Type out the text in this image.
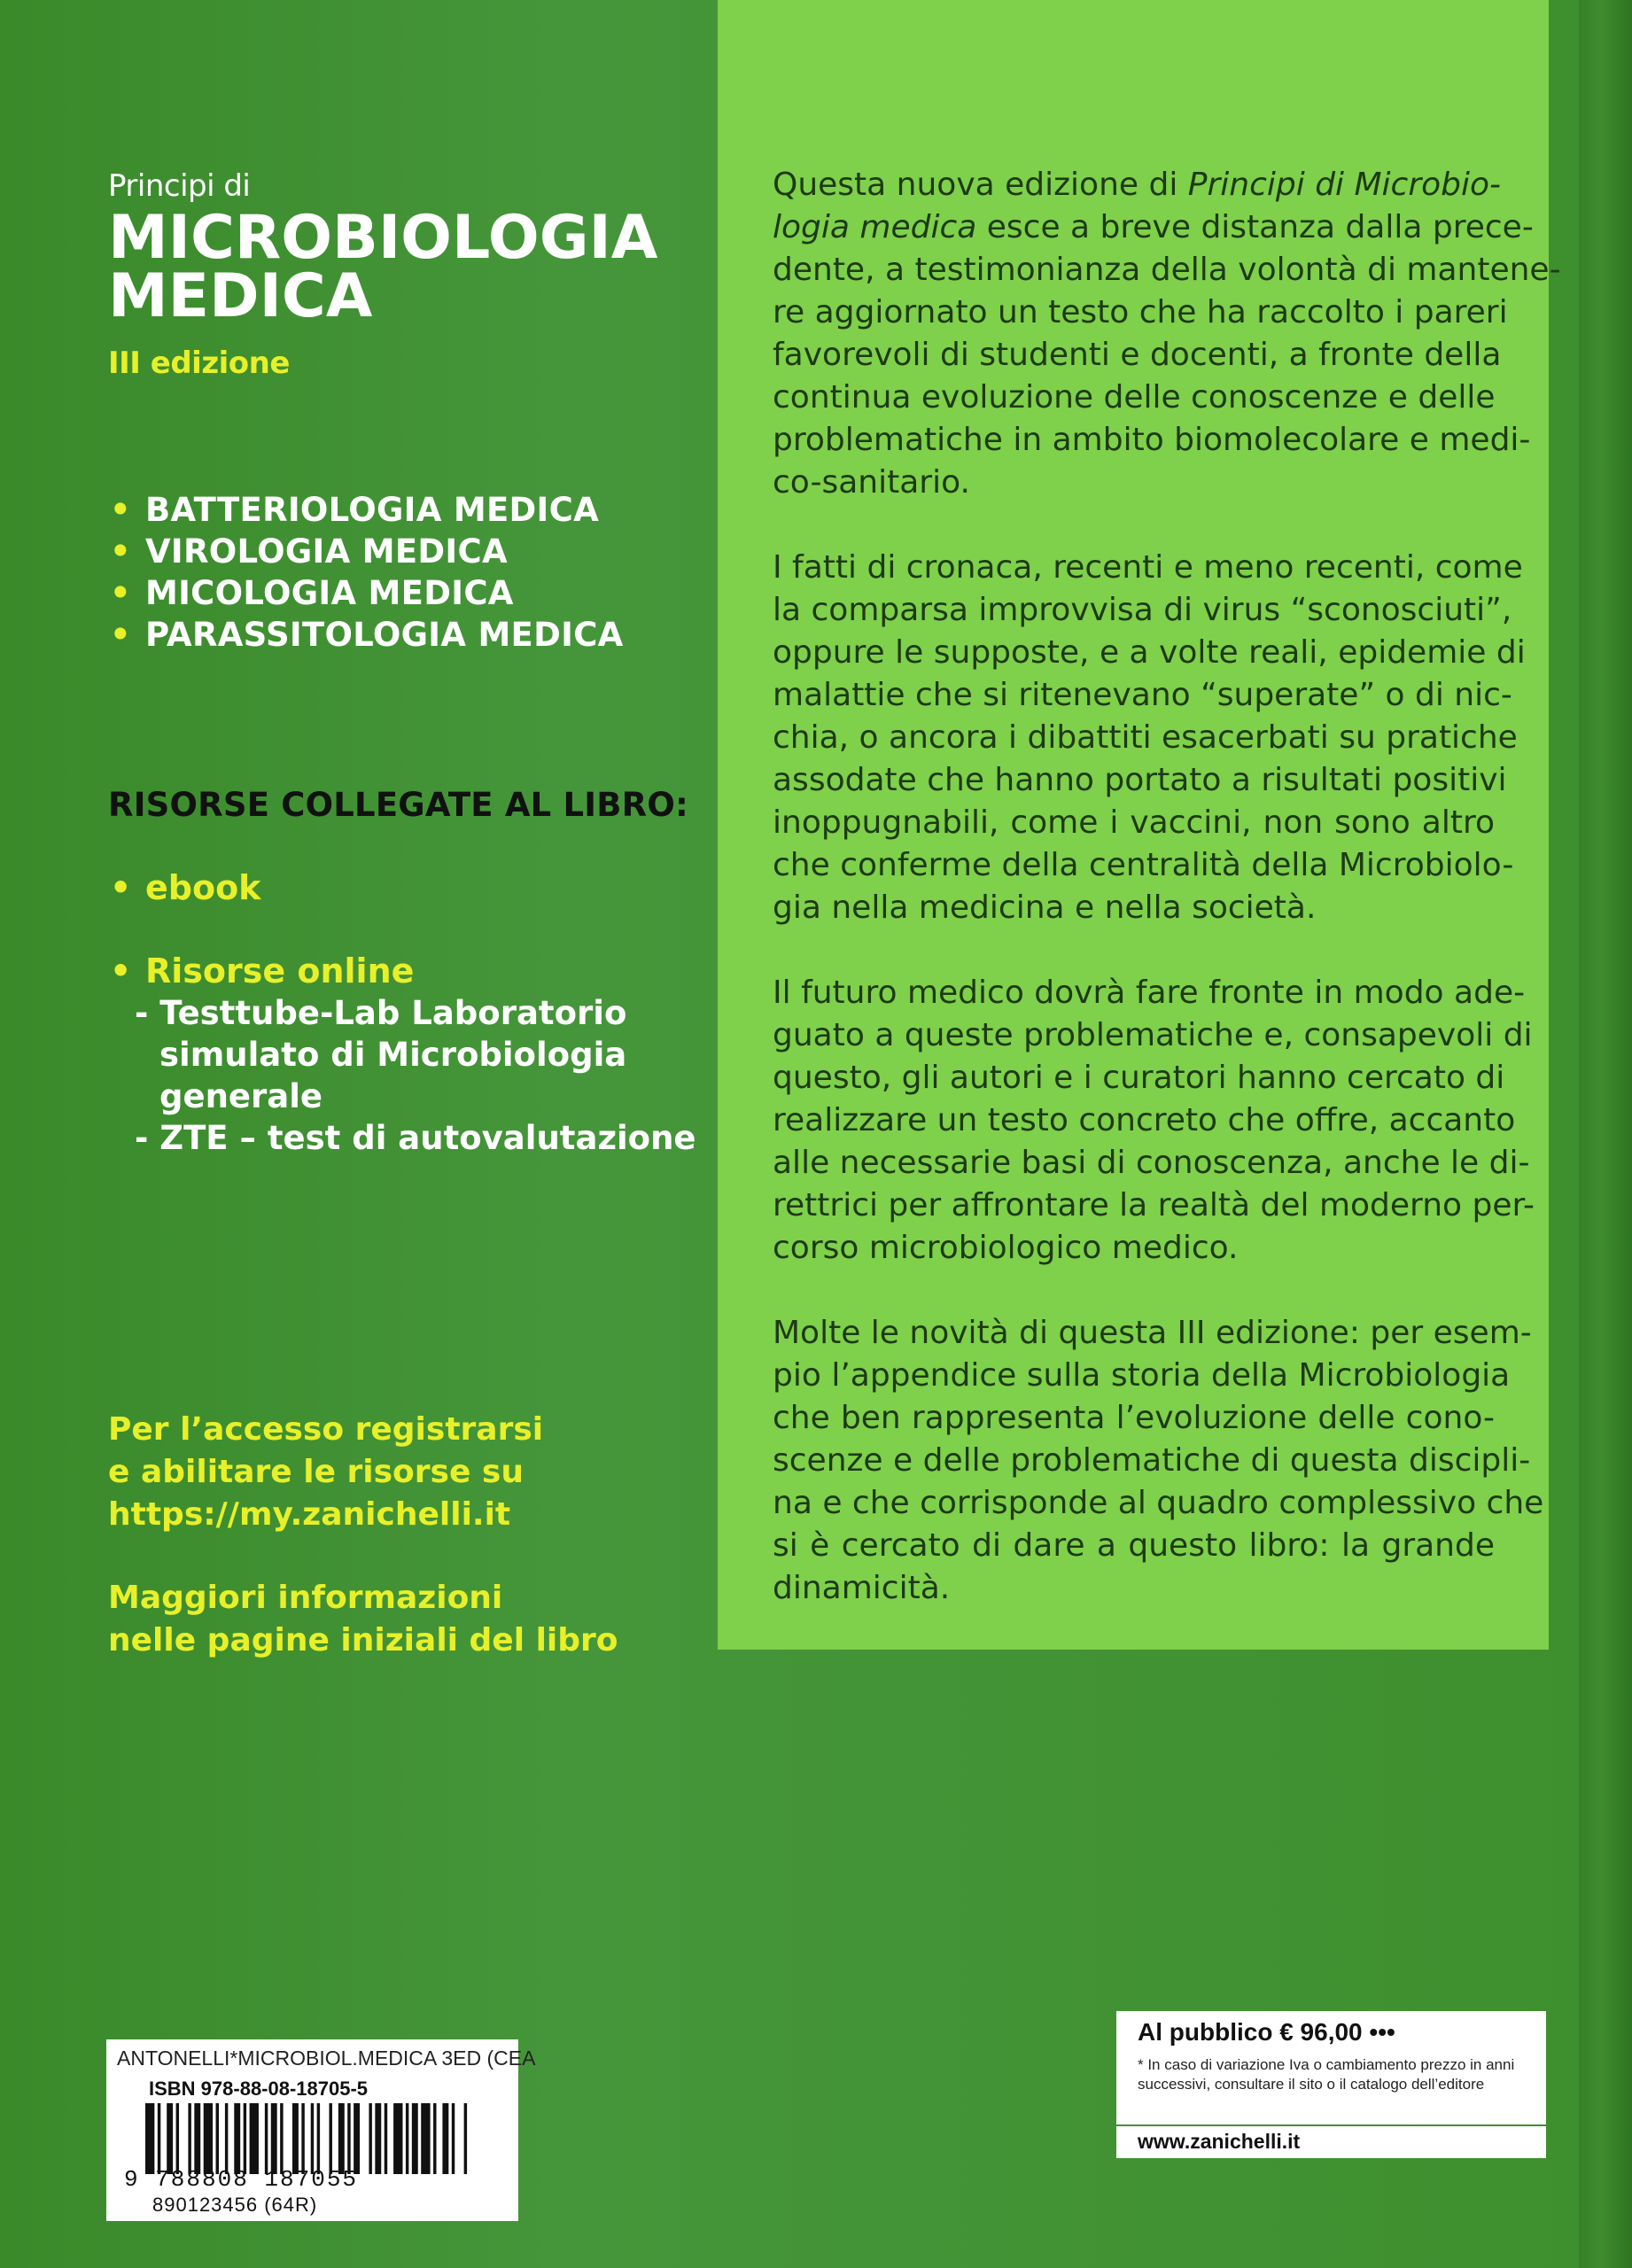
Principi di

MICROBIOLOGIA
MEDICA
III edizione
• BATTERIOLOGIA MEDICA
• VIROLOGIA MEDICA
• MICOLOGIA MEDICA
• PARASSITOLOGIA MEDICA
RISORSE COLLEGATE AL LIBRO:
• ebook
• Risorse online
- Testtube-Lab Laboratorio
simulato di Microbiologia
generale
- ZTE – test di autovalutazione
Per l’accesso registrarsi
e abilitare le risorse su
https://my.zanichelli.it
Maggiori informazioni
nelle pagine iniziali del libro
Questa nuova edizione di Principi di Microbio-
logia medica esce a breve distanza dalla prece-
dente, a testimonianza della volontà di mantene-
re aggiornato un testo che ha raccolto i pareri
favorevoli di studenti e docenti, a fronte della
continua evoluzione delle conoscenze e delle
problematiche in ambito biomolecolare e medi-
co-sanitario.
I fatti di cronaca, recenti e meno recenti, come
la comparsa improvvisa di virus “sconosciuti”,
oppure le supposte, e a volte reali, epidemie di
malattie che si ritenevano “superate” o di nic-
chia, o ancora i dibattiti esacerbati su pratiche
assodate che hanno portato a risultati positivi
inoppugnabili, come i vaccini, non sono altro
che conferme della centralità della Microbiolo-
gia nella medicina e nella società.
Il futuro medico dovrà fare fronte in modo ade-
guato a queste problematiche e, consapevoli di
questo, gli autori e i curatori hanno cercato di
realizzare un testo concreto che offre, accanto
alle necessarie basi di conoscenza, anche le di-
rettrici per affrontare la realtà del moderno per-
corso microbiologico medico.
Molte le novità di questa III edizione: per esem-
pio l’appendice sulla storia della Microbiologia
che ben rappresenta l’evoluzione delle cono-
scenze e delle problematiche di questa discipli-
na e che corrisponde al quadro complessivo che
si è cercato di dare a questo libro: la grande
dinamicità.
ANTONELLI*MICROBIOL.MEDICA 3ED (CEA
ISBN 978-88-08-18705-5
9 788808 187055
890123456 (64R)
Al pubblico € 96,00 •••
* In caso di variazione Iva o cambiamento prezzo in anni successivi, consultare il sito o il catalogo dell’editore
www.zanichelli.it
